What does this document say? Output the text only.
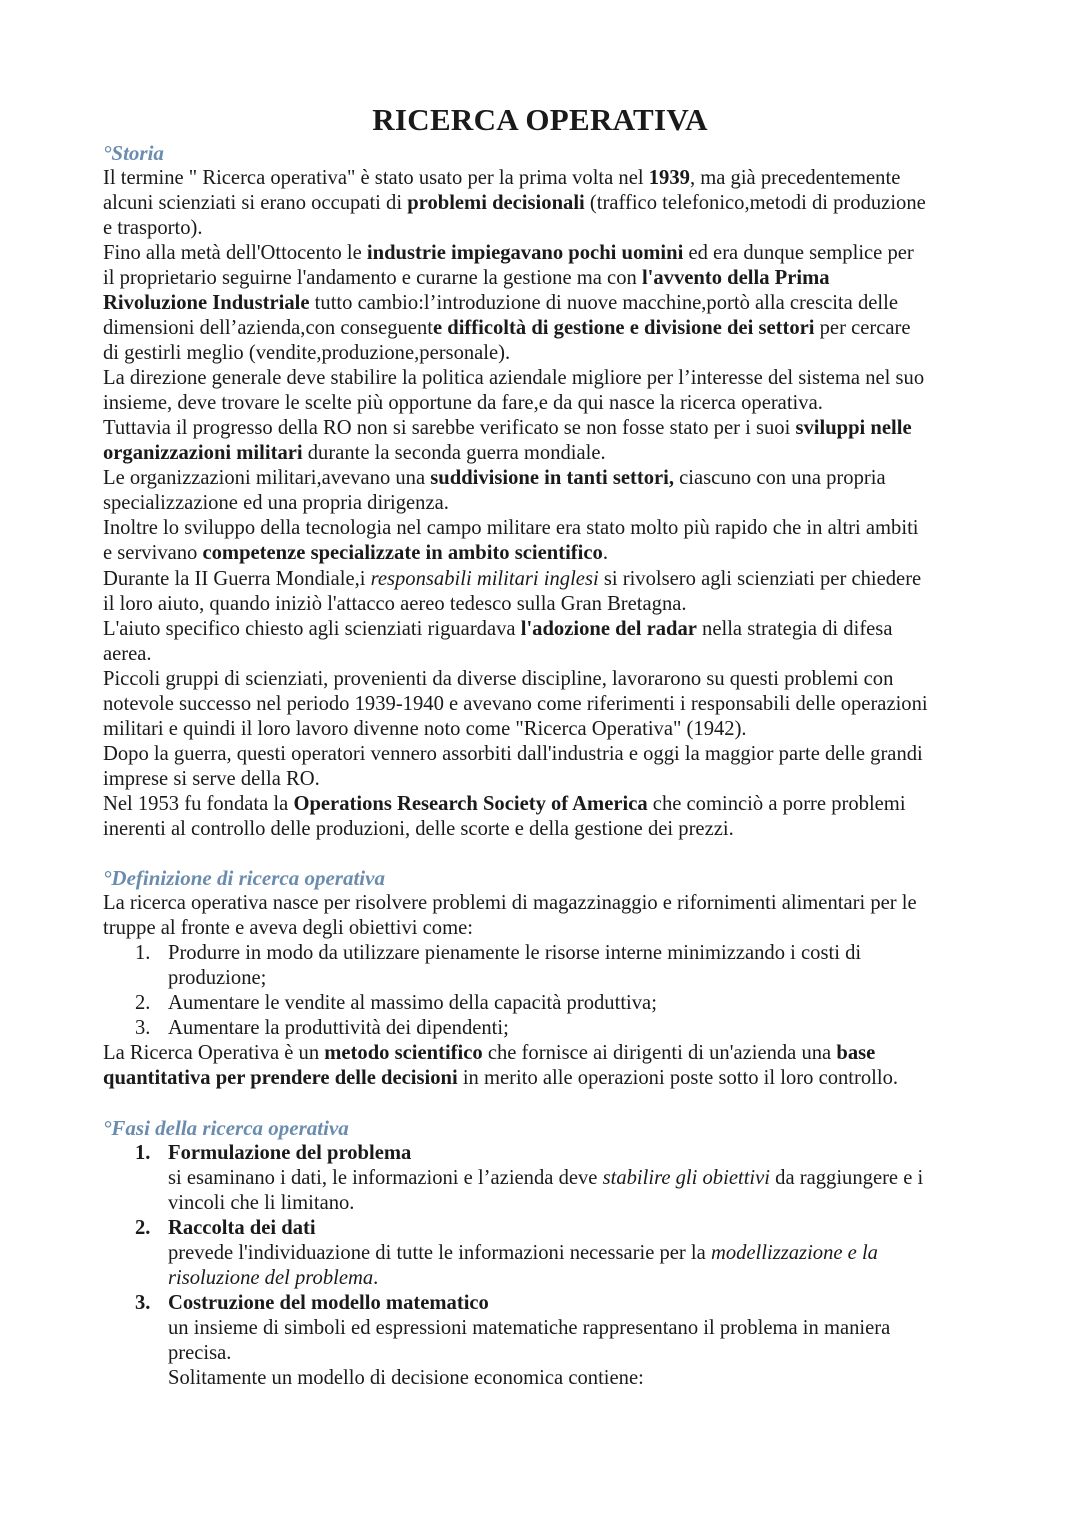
RICERCA OPERATIVA
°Storia
Il termine " Ricerca operativa" è stato usato per la prima volta nel 1939, ma già precedentemente
alcuni scienziati si erano occupati di problemi decisionali (traffico telefonico,metodi di produzione
e trasporto).
Fino alla metà dell'Ottocento le industrie impiegavano pochi uomini ed era dunque semplice per
il proprietario seguirne l'andamento e curarne la gestione ma con l'avvento della Prima
Rivoluzione Industriale tutto cambio:l’introduzione di nuove macchine,portò alla crescita delle
dimensioni dell’azienda,con conseguente difficoltà di gestione e divisione dei settori per cercare
di gestirli meglio (vendite,produzione,personale).
La direzione generale deve stabilire la politica aziendale migliore per l’interesse del sistema nel suo
insieme, deve trovare le scelte più opportune da fare,e da qui nasce la ricerca operativa.
Tuttavia il progresso della RO non si sarebbe verificato se non fosse stato per i suoi sviluppi nelle
organizzazioni militari durante la seconda guerra mondiale.
Le organizzazioni militari,avevano una suddivisione in tanti settori, ciascuno con una propria
specializzazione ed una propria dirigenza.
Inoltre lo sviluppo della tecnologia nel campo militare era stato molto più rapido che in altri ambiti
e servivano competenze specializzate in ambito scientifico.
Durante la II Guerra Mondiale,i responsabili militari inglesi si rivolsero agli scienziati per chiedere
il loro aiuto, quando iniziò l'attacco aereo tedesco sulla Gran Bretagna.
L'aiuto specifico chiesto agli scienziati riguardava l'adozione del radar nella strategia di difesa
aerea.
Piccoli gruppi di scienziati, provenienti da diverse discipline, lavorarono su questi problemi con
notevole successo nel periodo 1939-1940 e avevano come riferimenti i responsabili delle operazioni
militari e quindi il loro lavoro divenne noto come "Ricerca Operativa" (1942).
Dopo la guerra, questi operatori vennero assorbiti dall'industria e oggi la maggior parte delle grandi
imprese si serve della RO.
Nel 1953 fu fondata la Operations Research Society of America che cominciò a porre problemi
inerenti al controllo delle produzioni, delle scorte e della gestione dei prezzi.
°Definizione di ricerca operativa
La ricerca operativa nasce per risolvere problemi di magazzinaggio e rifornimenti alimentari per le
truppe al fronte e aveva degli obiettivi come:
1. Produrre in modo da utilizzare pienamente le risorse interne minimizzando i costi di
produzione;
2. Aumentare le vendite al massimo della capacità produttiva;
3. Aumentare la produttività dei dipendenti;
La Ricerca Operativa è un metodo scientifico che fornisce ai dirigenti di un'azienda una base
quantitativa per prendere delle decisioni in merito alle operazioni poste sotto il loro controllo.
°Fasi della ricerca operativa
1. Formulazione del problema
si esaminano i dati, le informazioni e l’azienda deve stabilire gli obiettivi da raggiungere e i
vincoli che li limitano.
2. Raccolta dei dati
prevede l'individuazione di tutte le informazioni necessarie per la modellizzazione e la
risoluzione del problema.
3. Costruzione del modello matematico
un insieme di simboli ed espressioni matematiche rappresentano il problema in maniera
precisa.
Solitamente un modello di decisione economica contiene:
